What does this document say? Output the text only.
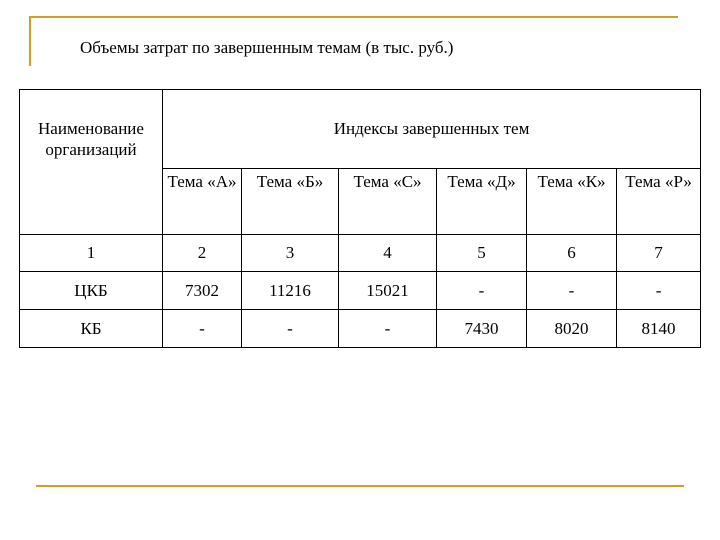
Объемы затрат по завершенным темам (в тыс. руб.)
Наименование организаций	Индексы завершенных тем					
	Тема «А»	Тема «Б»	Тема «С»	Тема «Д»	Тема «К»	Тема «Р»
1	2	3	4	5	6	7
ЦКБ	7302	11216	15021	-	-	-
КБ	-	-	-	7430	8020	8140
